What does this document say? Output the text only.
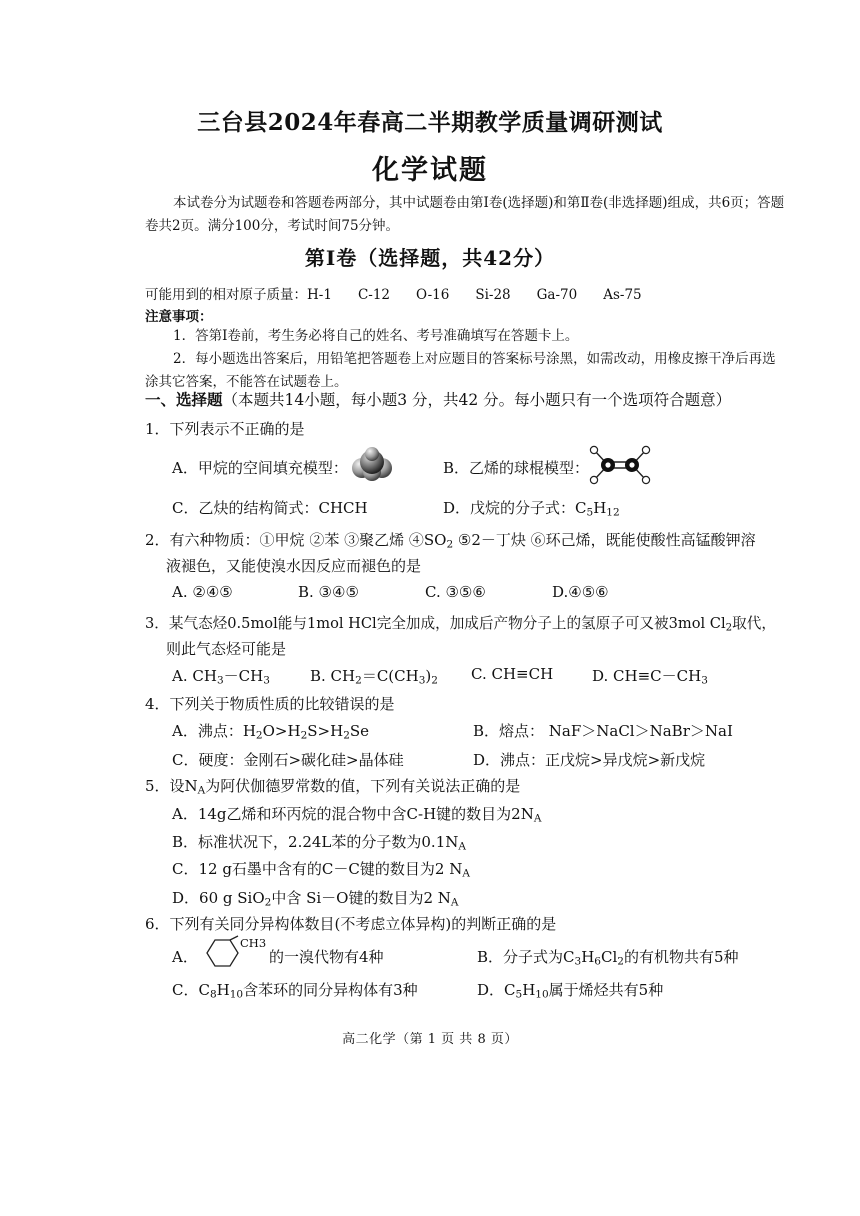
三台县2024年春高二半期教学质量调研测试
化学试题
本试卷分为试题卷和答题卷两部分，其中试题卷由第Ⅰ卷(选择题)和第Ⅱ卷(非选择题)组成，共6页；答题卷共2页。满分100分，考试时间75分钟。
第Ⅰ卷（选择题，共42分）
可能用到的相对原子质量：H-1 C-12 O-16 Si-28 Ga-70 As-75
注意事项：
1．答第Ⅰ卷前，考生务必将自己的姓名、考号准确填写在答题卡上。
2．每小题选出答案后，用铅笔把答题卷上对应题目的答案标号涂黑，如需改动，用橡皮擦干净后再选涂其它答案，不能答在试题卷上。
一、选择题（本题共14小题，每小题3 分，共42 分。每小题只有一个选项符合题意）
1．下列表示不正确的是
A．甲烷的空间填充模型：	B．乙烯的球棍模型：
C．乙炔的结构简式：CHCH	D．戊烷的分子式：$C_5H_{12}$
2．有六种物质：①甲烷 ②苯 ③聚乙烯 $④SO_2$ ⑤2－丁炔 ⑥环己烯，既能使酸性高锰酸钾溶
液褪色，又能使溴水因反应而褪色的是
A. ②④⑤	B. ③④⑤	C. ③⑤⑥	D.④⑤⑥
3．某气态烃0.5mol能与1mol HCl完全加成，加成后产物分子上的氢原子可又被3mol $Cl_2$取代，
则此气态烃可能是
A. $CH_3-CH_3$	B. $CH_2=C(CH_3)_2$ C. CH≡CH	D. $CH\equiv C-CH_3$
4．下列关于物质性质的比较错误的是
A．沸点：$H_2O>H_2S>H_2Se$	B．熔点： NaF＞NaCl＞NaBr＞NaI
C．硬度：金刚石>碳化硅>晶体硅	D．沸点：正戊烷>异戊烷>新戊烷
5．设$N_A$为阿伏伽德罗常数的值，下列有关说法正确的是
A．14g乙烯和环丙烷的混合物中含C-H键的数目为$2N_A$
B．标准状况下，2.24L苯的分子数为$0.1N_A$
C．12 g石墨中含有的C－C键的数目为2 $N_A$
D．60 g SiO$_2$中含 Si－O键的数目为2 $N_A$
6．下列有关同分异构体数目(不考虑立体异构)的判断正确的是
A．
CH3
的一溴代物有4种	B．分子式为$C_3H_6Cl_2$的有机物共有5种
C．$C_8H_{10}$含苯环的同分异构体有3种	D．$C_5H_{10}$属于烯烃共有5种
高二化学（第 1 页 共 8 页）
